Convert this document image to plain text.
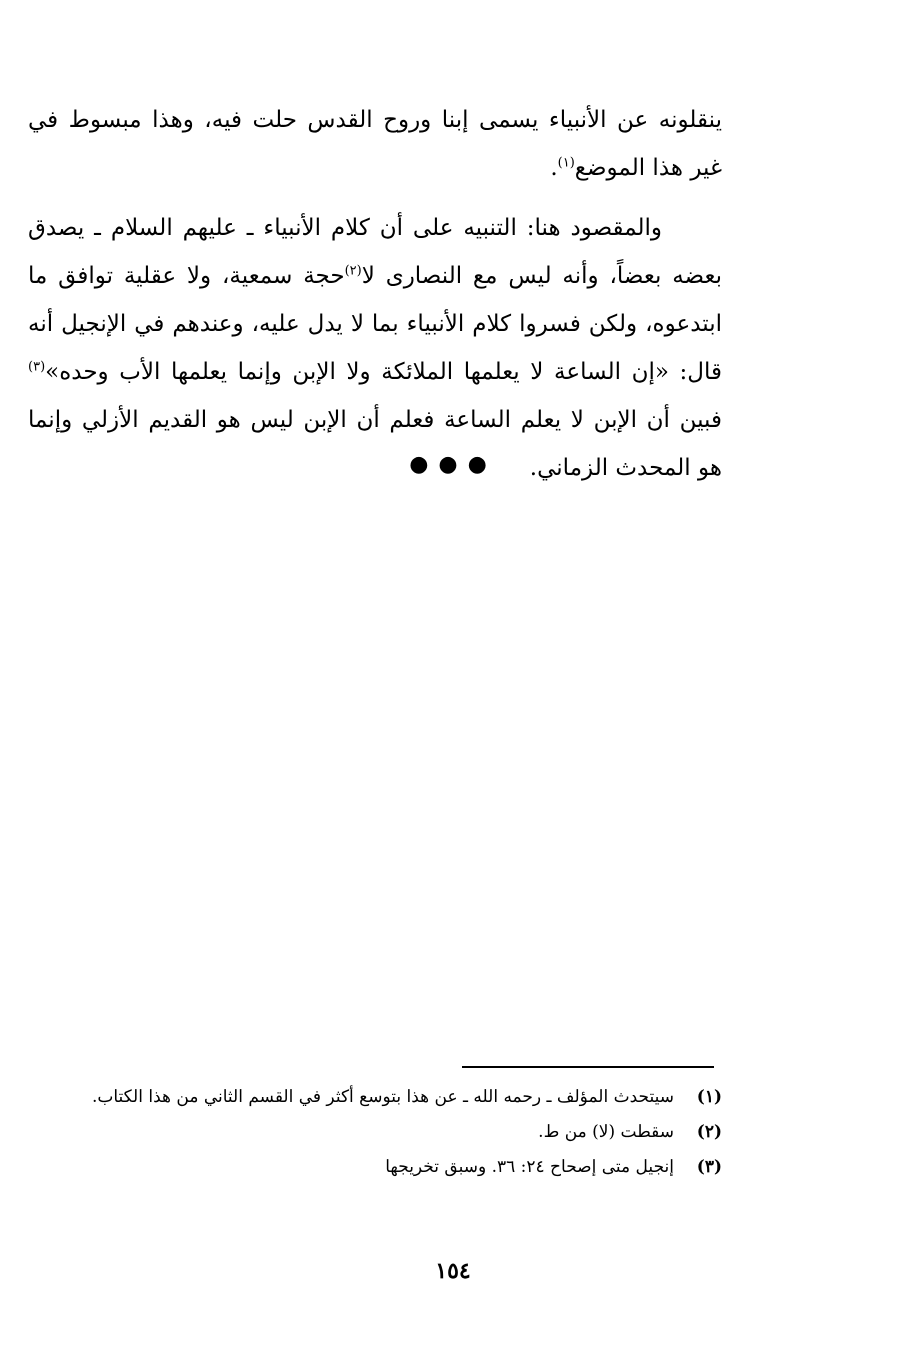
ينقلونه عن الأنبياء يسمى إبنا وروح القدس حلت فيه، وهذا مبسوط في غير هذا الموضع$^{(١)}$.

والمقصود هنا: التنبيه على أن كلام الأنبياء ـ عليهم السلام ـ يصدق بعضه بعضاً، وأنه ليس مع النصارى لا$^{(٢)}$حجة سمعية، ولا عقلية توافق ما ابتدعوه، ولكن فسروا كلام الأنبياء بما لا يدل عليه، وعندهم في الإنجيل أنه قال: «إن الساعة لا يعلمها الملائكة ولا الإبن وإنما يعلمها الأب وحده»$^{(٣)}$ فبين أن الإبن لا يعلم الساعة فعلم أن الإبن ليس هو القديم الأزلي وإنما هو المحدث الزماني.

●●●
(١)
سيتحدث المؤلف ـ رحمه الله ـ عن هذا بتوسع أكثر في القسم الثاني من هذا الكتاب.
(٢)
سقطت (لا) من ط.
(٣)
إنجيل متى إصحاح ٢٤: ٣٦. وسبق تخريجها
١٥٤
